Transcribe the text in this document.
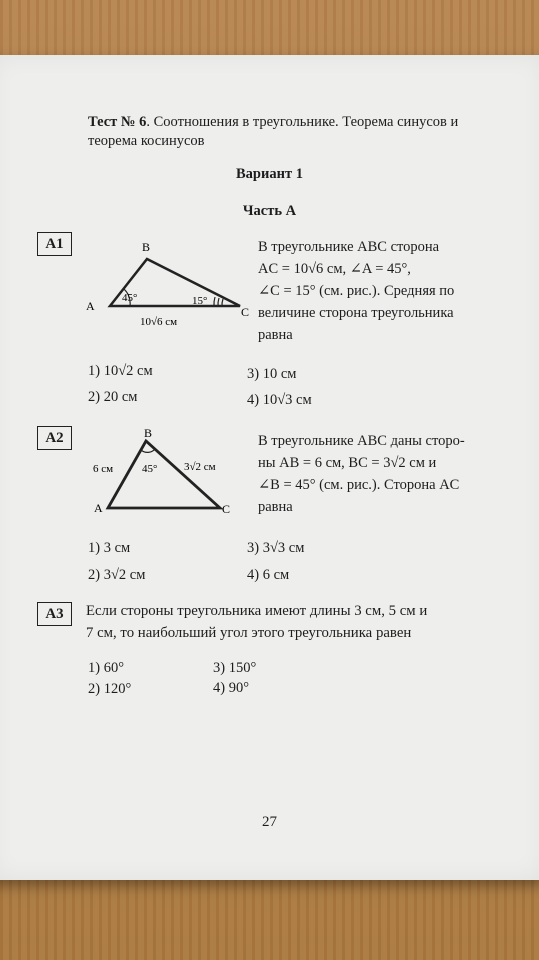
Тест № 6. Соотношения в треугольнике. Теорема синусов и теорема косинусов
Вариант 1
Часть А
A1	B
A	C
45°	15°
10√6 см
В треугольнике ABC сторона
AC = 10√6 см, ∠A = 45°,
∠C = 15° (см. рис.). Средняя по
величине сторона треугольника
равна
1) 10√2 см
2) 20 см
3) 10 см
4) 10√3 см
A2	B
A	C
45°
6 см	3√2 см
В треугольнике ABC даны сторо-
ны AB = 6 см, BC = 3√2 см и
∠B = 45° (см. рис.). Сторона AC
равна
1) 3 см
2) 3√2 см
3) 3√3 см
4) 6 см
A3	Если стороны треугольника имеют длины 3 см, 5 см и
7 см, то наибольший угол этого треугольника равен
1) 60°
2) 120°
3) 150°
4) 90°
27
